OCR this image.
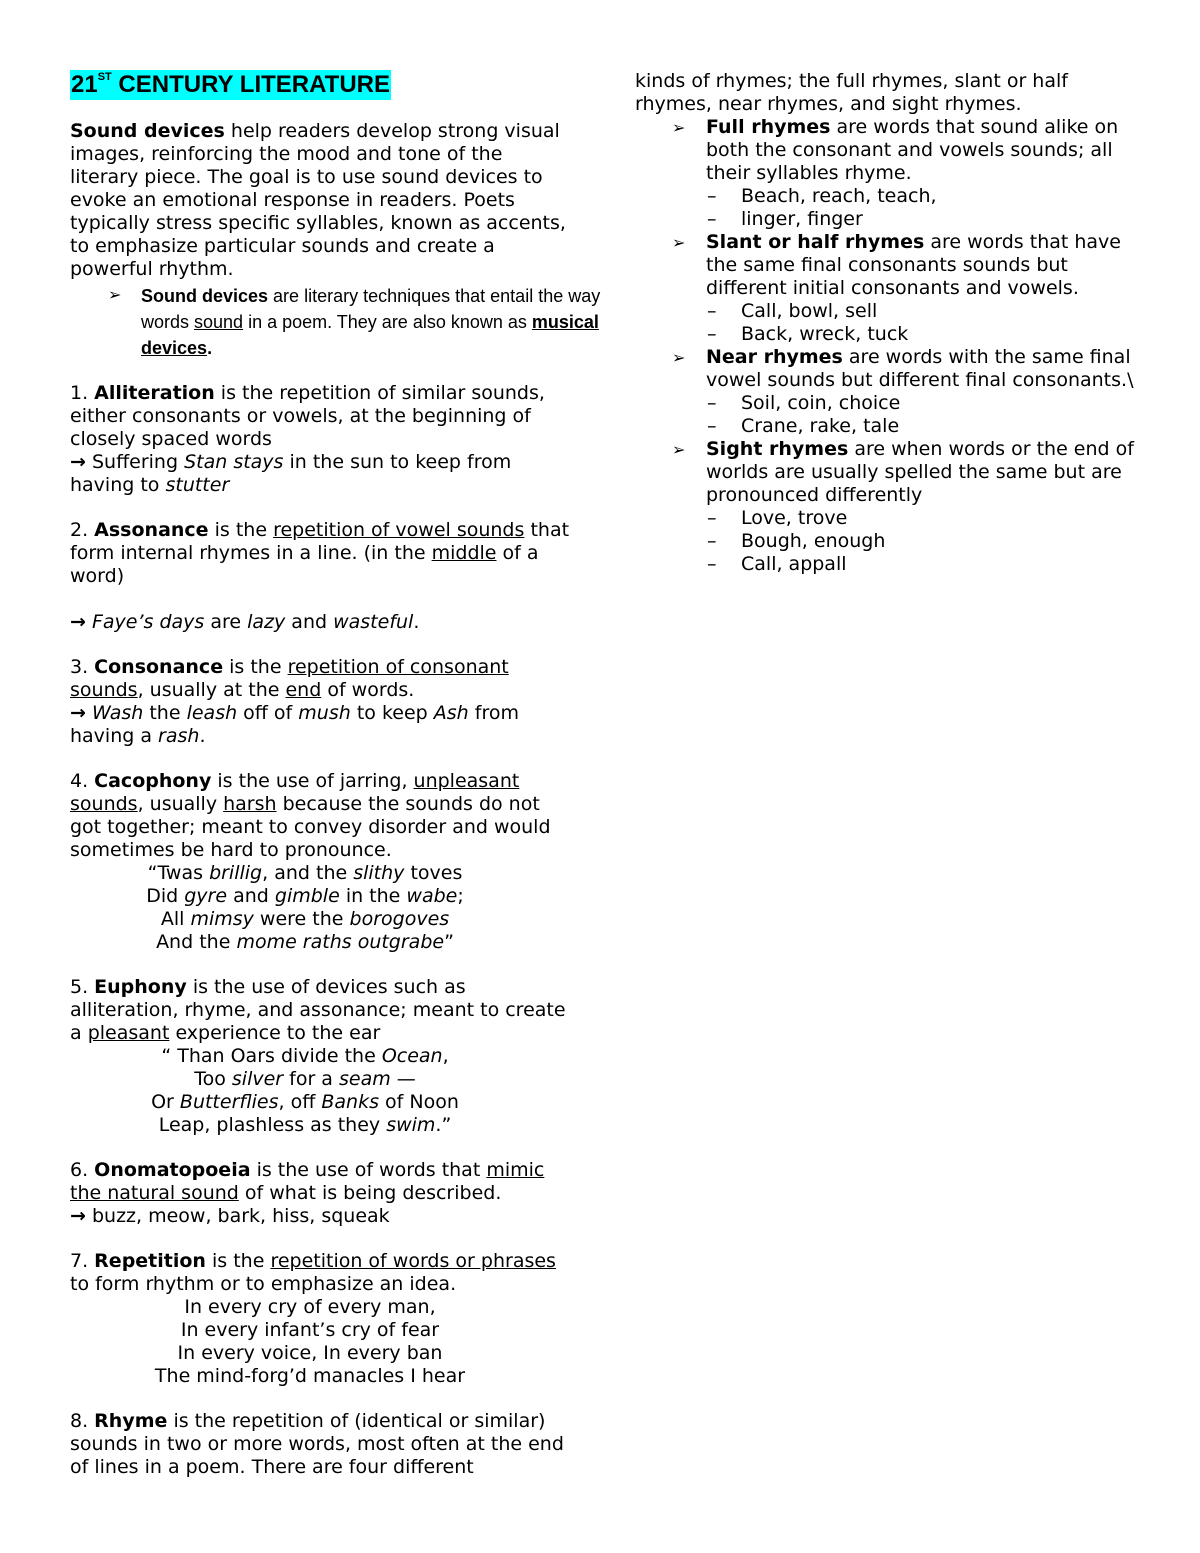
21ST CENTURY LITERATURE

Sound devices help readers develop strong visual images, reinforcing the mood and tone of the literary piece. The goal is to use sound devices to evoke an emotional response in readers. Poets typically stress specific syllables, known as accents, to emphasize particular sounds and create a powerful rhythm.

➢ Sound devices are literary techniques that entail the way words sound in a poem. They are also known as musical devices.

1. Alliteration is the repetition of similar sounds, either consonants or vowels, at the beginning of closely spaced words

→ Suffering Stan stays in the sun to keep from having to stutter

2. Assonance is the repetition of vowel sounds that form internal rhymes in a line. (in the middle of a word)

→ Faye’s days are lazy and wasteful.

3. Consonance is the repetition of consonant sounds, usually at the end of words.

→ Wash the leash off of mush to keep Ash from having a rash.

4. Cacophony is the use of jarring, unpleasant sounds, usually harsh because the sounds do not got together; meant to convey disorder and would sometimes be hard to pronounce.

“Twas brillig, and the slithy toves

Did gyre and gimble in the wabe;

All mimsy were the borogoves

And the mome raths outgrabe”

5. Euphony is the use of devices such as alliteration, rhyme, and assonance; meant to create a pleasant experience to the ear

“ Than Oars divide the Ocean,

Too silver for a seam —

Or Butterflies, off Banks of Noon

Leap, plashless as they swim.”

6. Onomatopoeia is the use of words that mimic the natural sound of what is being described.

→ buzz, meow, bark, hiss, squeak

7. Repetition is the repetition of words or phrases to form rhythm or to emphasize an idea.

In every cry of every man,

In every infant’s cry of fear

In every voice, In every ban

The mind-forg’d manacles I hear

8. Rhyme is the repetition of (identical or similar) sounds in two or more words, most often at the end of lines in a poem. There are four different

kinds of rhymes; the full rhymes, slant or half rhymes, near rhymes, and sight rhymes.

➢ Full rhymes are words that sound alike on both the consonant and vowels sounds; all their syllables rhyme.
– Beach, reach, teach,
– linger, finger
➢ Slant or half rhymes are words that have the same final consonants sounds but different initial consonants and vowels.
– Call, bowl, sell
– Back, wreck, tuck
➢ Near rhymes are words with the same final vowel sounds but different final consonants.\
– Soil, coin, choice
– Crane, rake, tale
➢ Sight rhymes are when words or the end of worlds are usually spelled the same but are pronounced differently
– Love, trove
– Bough, enough
– Call, appall
